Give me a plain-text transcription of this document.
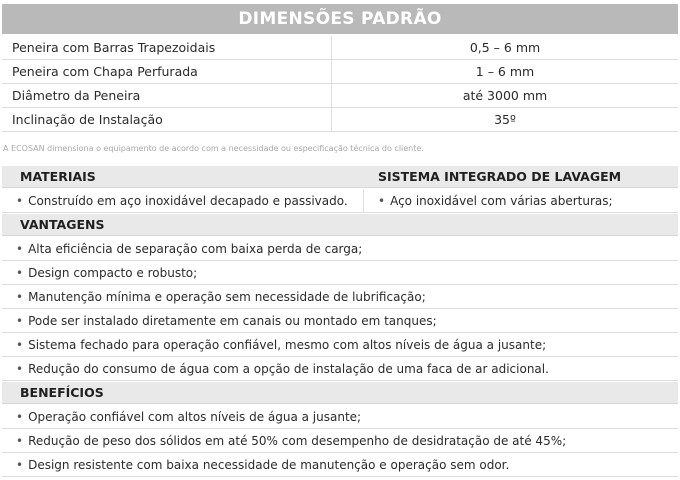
DIMENSÕES PADRÃO
Peneira com Barras Trapezoidais	0,5 – 6 mm
Peneira com Chapa Perfurada	1 – 6 mm
Diâmetro da Peneira	até 3000 mm
Inclinação de Instalação	35º
A ECOSAN dimensiona o equipamento de acordo com a necessidade ou especificação técnica do cliente.
MATERIAIS	SISTEMA INTEGRADO DE LAVAGEM
• Construído em aço inoxidável decapado e passivado.	• Aço inoxidável com várias aberturas;
VANTAGENS
• Alta eficiência de separação com baixa perda de carga;
• Design compacto e robusto;
• Manutenção mínima e operação sem necessidade de lubrificação;
• Pode ser instalado diretamente em canais ou montado em tanques;
• Sistema fechado para operação confiável, mesmo com altos níveis de água a jusante;
• Redução do consumo de água com a opção de instalação de uma faca de ar adicional.
BENEFÍCIOS
• Operação confiável com altos níveis de água a jusante;
• Redução de peso dos sólidos em até 50% com desempenho de desidratação de até 45%;
• Design resistente com baixa necessidade de manutenção e operação sem odor.
